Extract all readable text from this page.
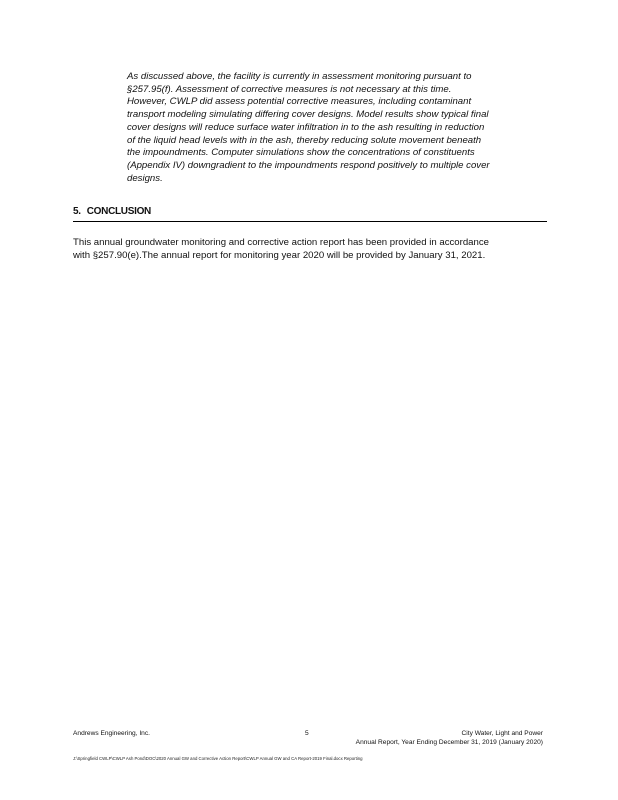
As discussed above, the facility is currently in assessment monitoring pursuant to
§257.95(f). Assessment of corrective measures is not necessary at this time.
However, CWLP did assess potential corrective measures, including contaminant
transport modeling simulating differing cover designs. Model results show typical final
cover designs will reduce surface water infiltration in to the ash resulting in reduction
of the liquid head levels with in the ash, thereby reducing solute movement beneath
the impoundments. Computer simulations show the concentrations of constituents
(Appendix IV) downgradient to the impoundments respond positively to multiple cover
designs.
5. CONCLUSION
This annual groundwater monitoring and corrective action report has been provided in accordance
with §257.90(e).The annual report for monitoring year 2020 will be provided by January 31, 2021.
Andrews Engineering, Inc.	5	City Water, Light and Power
Annual Report, Year Ending December 31, 2019 (January 2020)
J:\Springfield CWLP\CWLP Ash Pond\DOC\2020 Annual GW and Corrective Action Report\CWLP Annual GW and CA Report-2019 Final.docx Reporting
